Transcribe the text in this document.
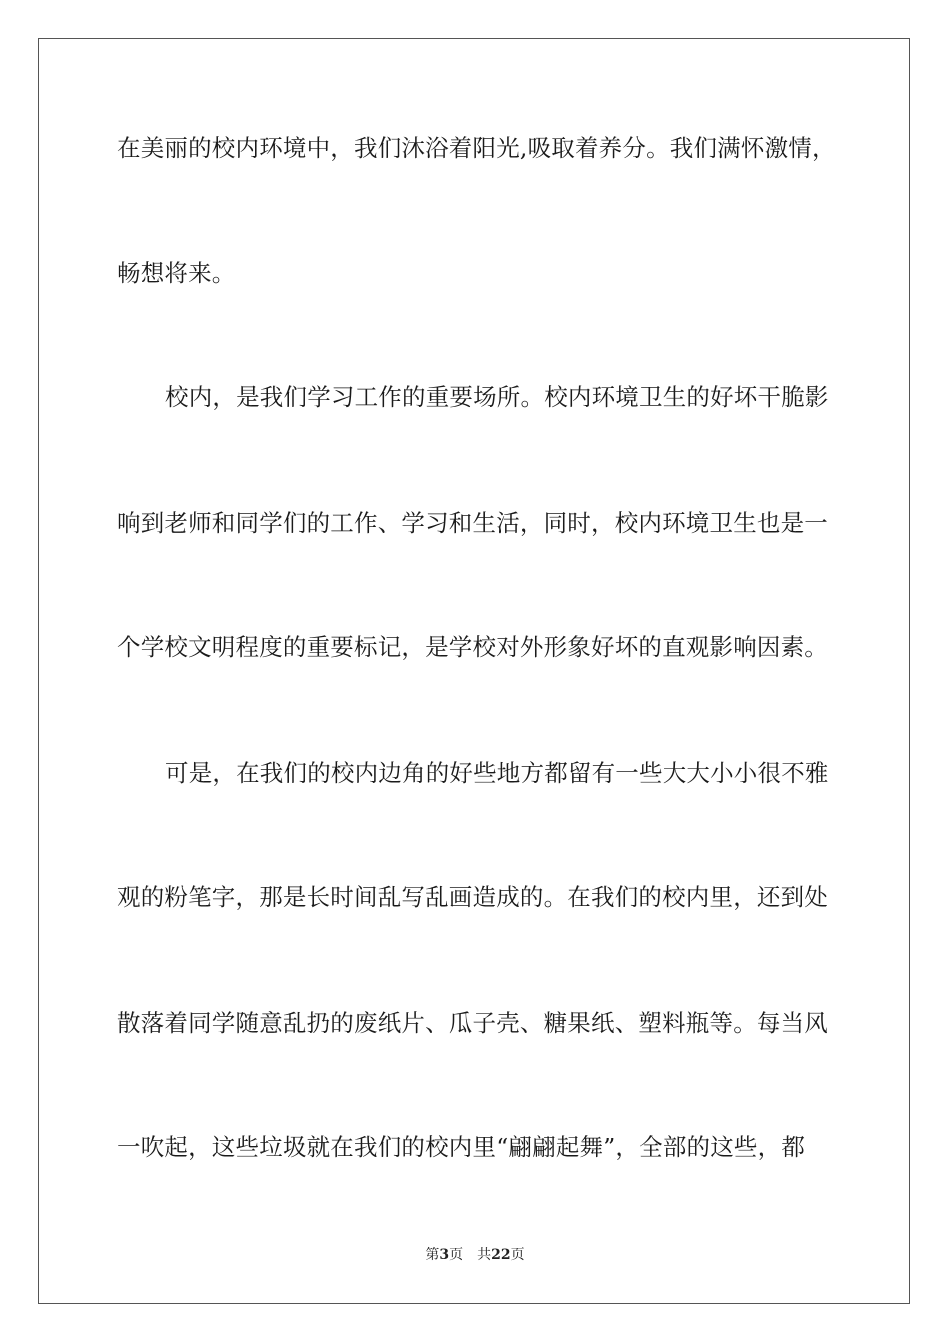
在美丽的校内环境中，我们沐浴着阳光,吸取着养分。我们满怀激情，
畅想将来。
校内，是我们学习工作的重要场所。校内环境卫生的好坏干脆影
响到老师和同学们的工作、学习和生活，同时，校内环境卫生也是一
个学校文明程度的重要标记，是学校对外形象好坏的直观影响因素。
可是，在我们的校内边角的好些地方都留有一些大大小小很不雅
观的粉笔字，那是长时间乱写乱画造成的。在我们的校内里，还到处
散落着同学随意乱扔的废纸片、瓜子壳、糖果纸、塑料瓶等。每当风
一吹起，这些垃圾就在我们的校内里“翩翩起舞”，全部的这些，都
第3页 共22页
